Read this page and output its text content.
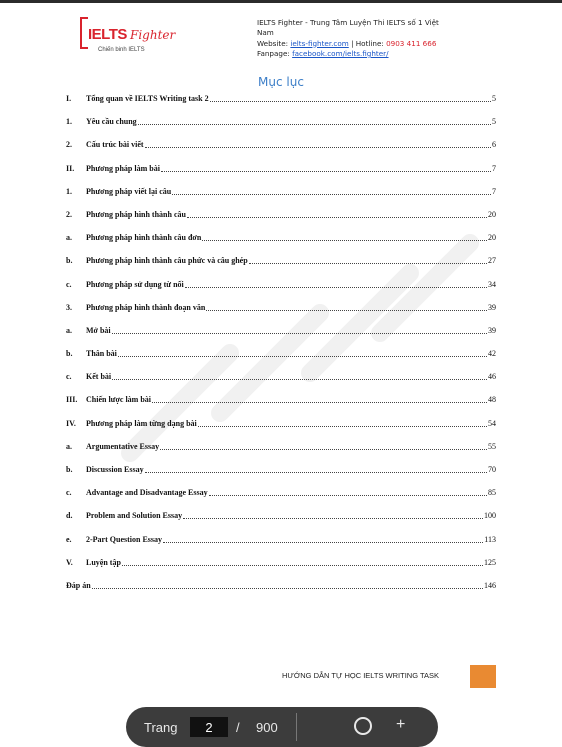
IELTS Fighter
Chiến binh IELTS
IELTS Fighter - Trung Tâm Luyện Thi IELTS số 1 Việt
Nam
Website: ielts-fighter.com | Hotline: 0903 411 666
Fanpage: facebook.com/ielts.fighter/
Mục lục
I.	Tổng quan về IELTS Writing task 2	5
1.	Yêu cầu chung	5
2.	Cấu trúc bài viết	6
II.	Phương pháp làm bài	7
1.	Phương pháp viết lại câu	7
2.	Phương pháp hình thành câu	20
a.	Phương pháp hình thành câu đơn	20
b.	Phương pháp hình thành câu phức và câu ghép	27
c.	Phương pháp sử dụng từ nối	34
3.	Phương pháp hình thành đoạn văn	39
a.	Mở bài	39
b.	Thân bài	42
c.	Kết bài	46
III.	Chiến lược làm bài	48
IV.	Phương pháp làm từng dạng bài	54
a.	Argumentative Essay	55
b.	Discussion Essay	70
c.	Advantage and Disadvantage Essay	85
d.	Problem and Solution Essay	100
e.	2-Part Question Essay	113
V.	Luyện tập	125
Đáp án	146
HƯỚNG DẪN TỰ HỌC IELTS WRITING TASK
Trang	2	/ 900	+
